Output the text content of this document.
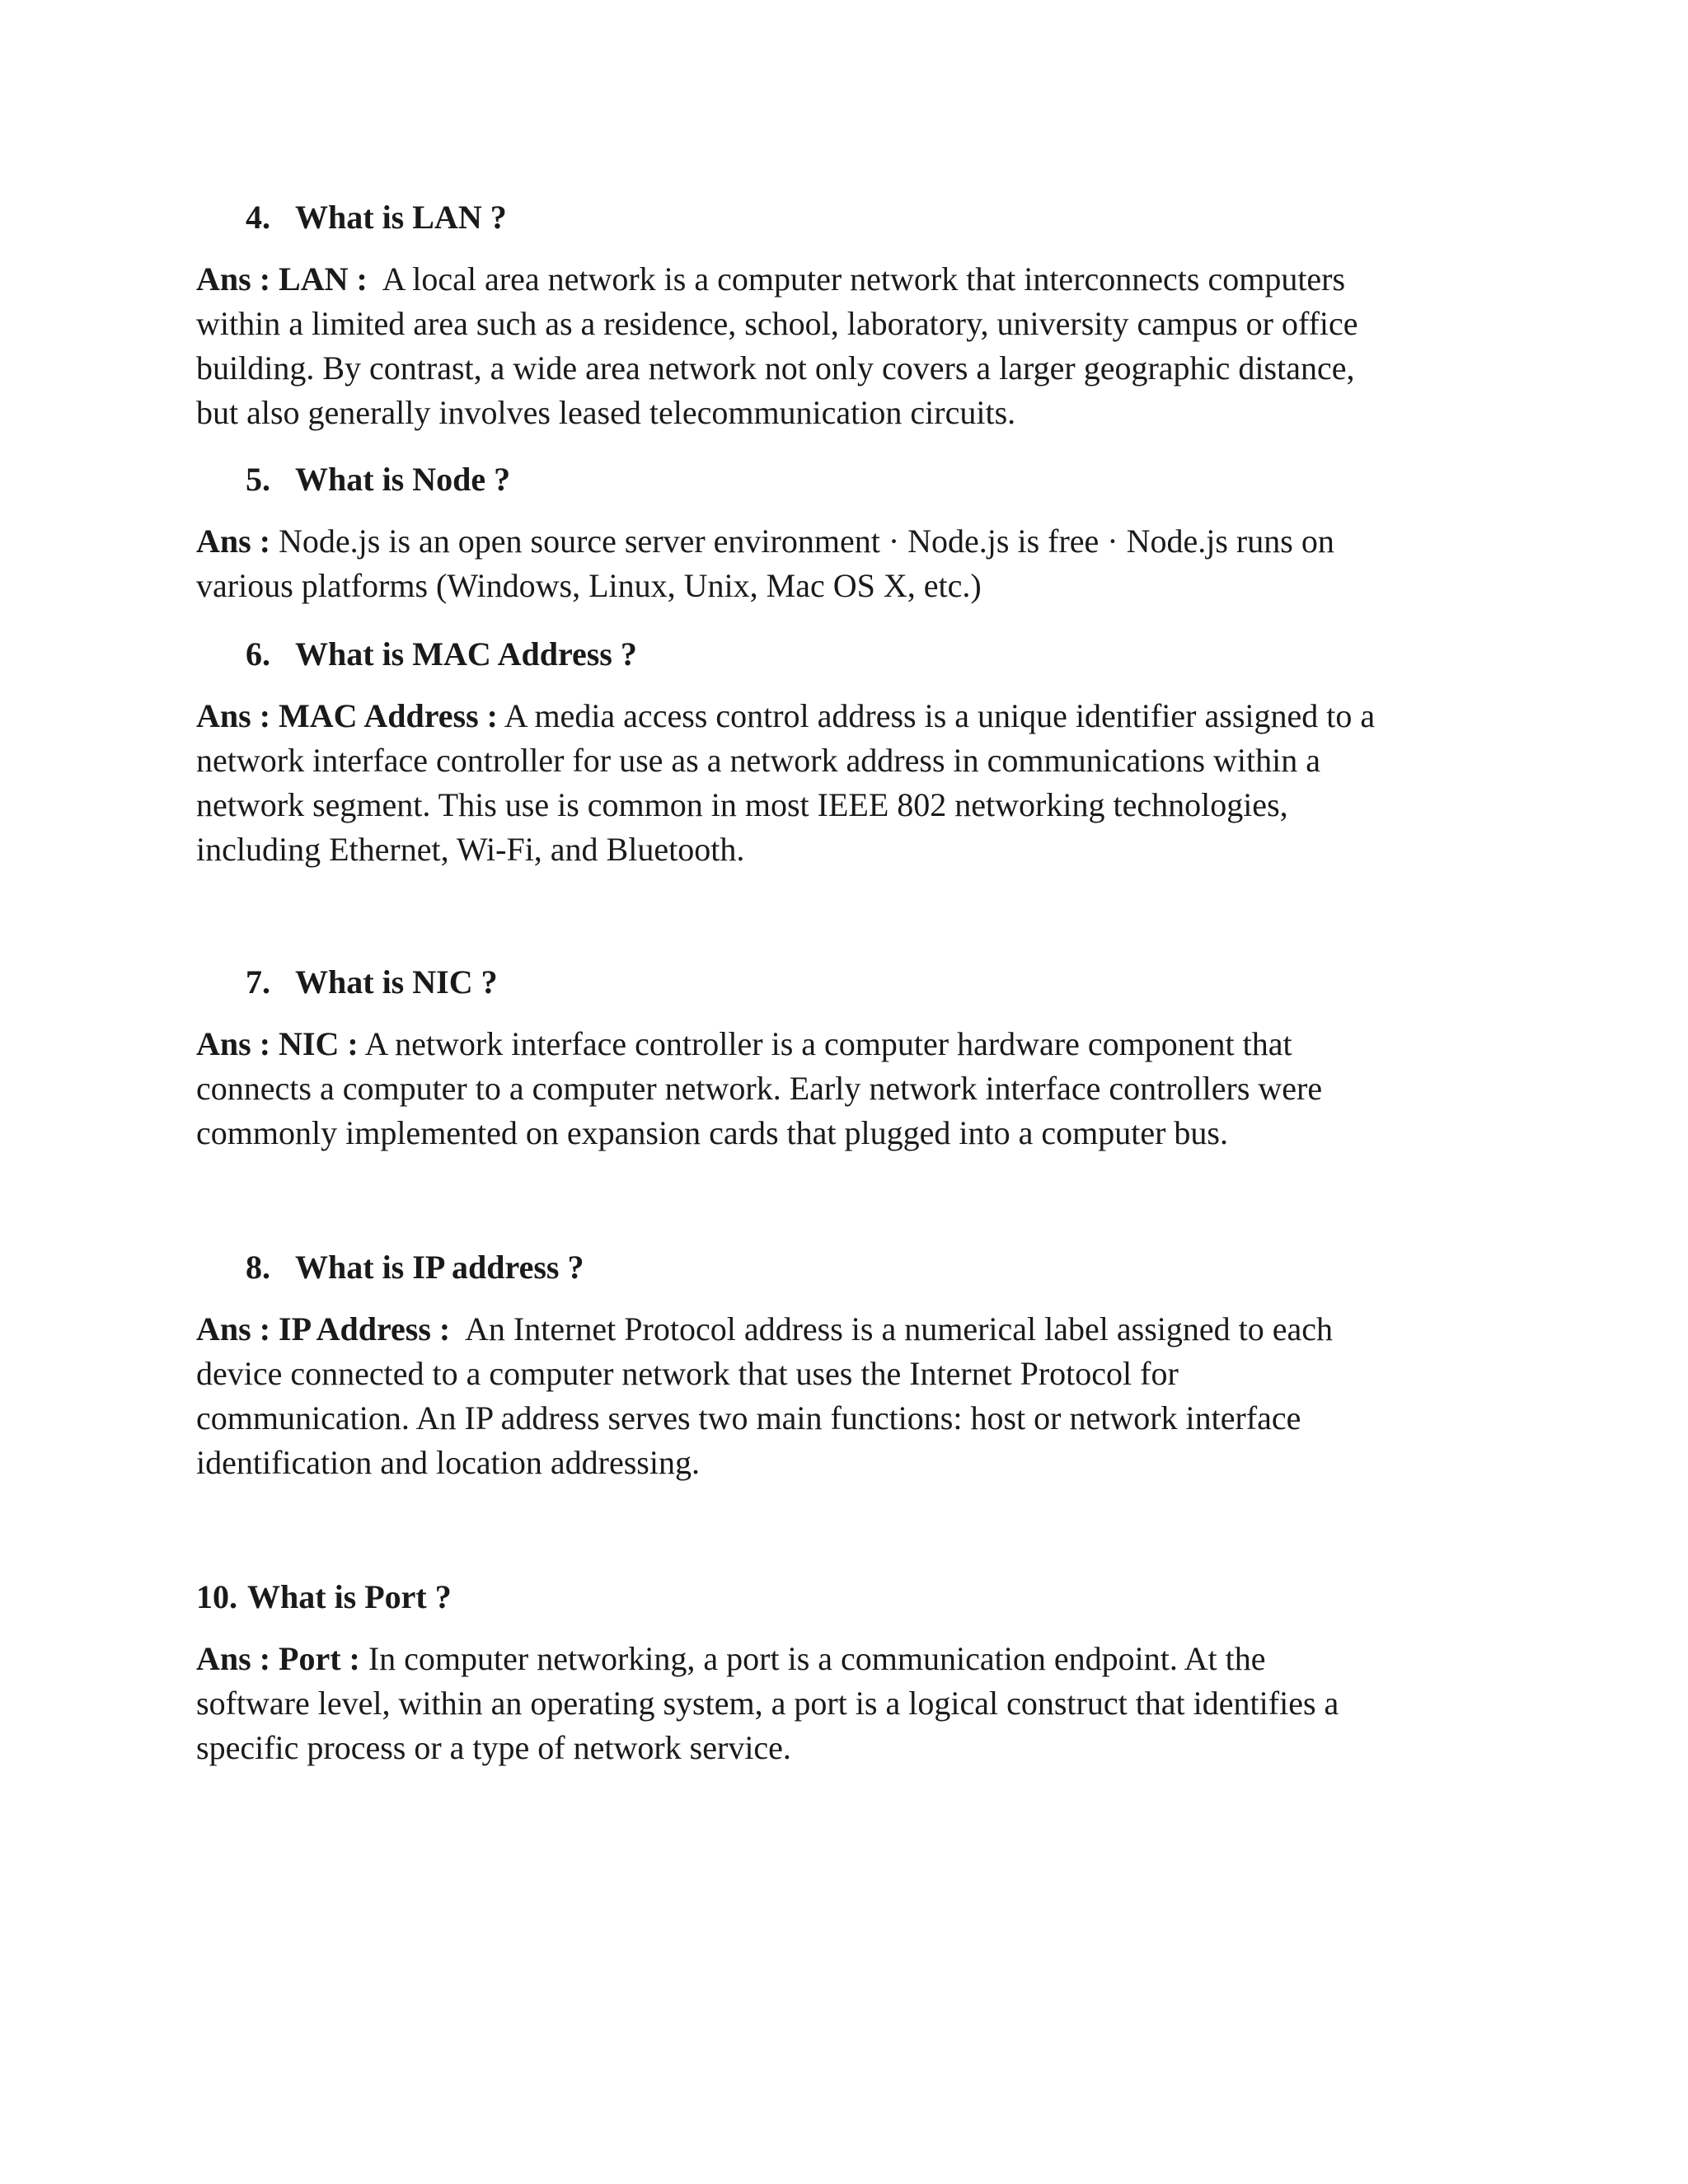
4. What is LAN ?

Ans : LAN : A local area network is a computer network that interconnects computers
within a limited area such as a residence, school, laboratory, university campus or office
building. By contrast, a wide area network not only covers a larger geographic distance,
but also generally involves leased telecommunication circuits.

5. What is Node ?

Ans : Node.js is an open source server environment · Node.js is free · Node.js runs on
various platforms (Windows, Linux, Unix, Mac OS X, etc.)

6. What is MAC Address ?

Ans : MAC Address : A media access control address is a unique identifier assigned to a
network interface controller for use as a network address in communications within a
network segment. This use is common in most IEEE 802 networking technologies,
including Ethernet, Wi-Fi, and Bluetooth.

7. What is NIC ?

Ans : NIC : A network interface controller is a computer hardware component that
connects a computer to a computer network. Early network interface controllers were
commonly implemented on expansion cards that plugged into a computer bus.

8. What is IP address ?

Ans : IP Address : An Internet Protocol address is a numerical label assigned to each
device connected to a computer network that uses the Internet Protocol for
communication. An IP address serves two main functions: host or network interface
identification and location addressing.

10. What is Port ?

Ans : Port : In computer networking, a port is a communication endpoint. At the
software level, within an operating system, a port is a logical construct that identifies a
specific process or a type of network service.
